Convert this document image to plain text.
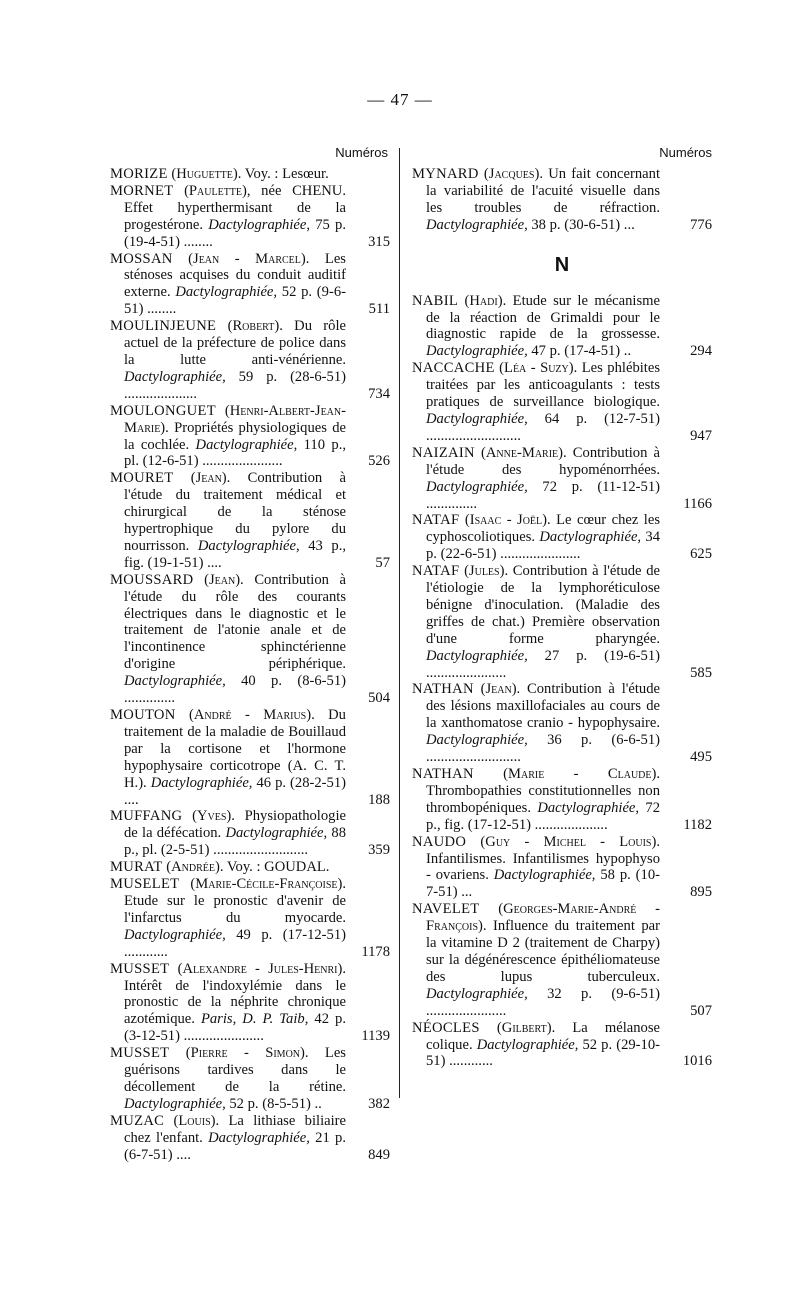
— 47 —
Numéros
MORIZE (Huguette). Voy. : Lesœur.
MORNET (Paulette), née CHENU. Effet hyperthermisant de la progestérone. Dactylographiée, 75 p. (19-4-51) ........	315
MOSSAN (Jean - Marcel). Les sténoses acquises du conduit auditif externe. Dactylographiée, 52 p. (9-6-51) ........	511
MOULINJEUNE (Robert). Du rôle actuel de la préfecture de police dans la lutte anti-vénérienne. Dactylographiée, 59 p. (28-6-51) ....................	734
MOULONGUET (Henri-Albert-Jean-Marie). Propriétés physiologiques de la cochlée. Dactylographiée, 110 p., pl. (12-6-51) ......................	526
MOURET (Jean). Contribution à l'étude du traitement médical et chirurgical de la sténose hypertrophique du pylore du nourrisson. Dactylographiée, 43 p., fig. (19-1-51) ....	57
MOUSSARD (Jean). Contribution à l'étude du rôle des courants électriques dans le diagnostic et le traitement de l'atonie anale et de l'incontinence sphinctérienne d'origine périphérique. Dactylographiée, 40 p. (8-6-51) ..............	504
MOUTON (André - Marius). Du traitement de la maladie de Bouillaud par la cortisone et l'hormone hypophysaire corticotrope (A. C. T. H.). Dactylographiée, 46 p. (28-2-51) ....	188
MUFFANG (Yves). Physiopathologie de la défécation. Dactylographiée, 88 p., pl. (2-5-51) ..........................	359
MURAT (Andrée). Voy. : GOUDAL.
MUSELET (Marie-Cécile-Françoise). Etude sur le pronostic d'avenir de l'infarctus du myocarde. Dactylographiée, 49 p. (17-12-51) ............	1178
MUSSET (Alexandre - Jules-Henri). Intérêt de l'indoxylémie dans le pronostic de la néphrite chronique azotémique. Paris, D. P. Taib, 42 p. (3-12-51) ......................	1139
MUSSET (Pierre - Simon). Les guérisons tardives dans le décollement de la rétine. Dactylographiée, 52 p. (8-5-51) ..	382
MUZAC (Louis). La lithiase biliaire chez l'enfant. Dactylographiée, 21 p. (6-7-51) ....	849
Numéros
MYNARD (Jacques). Un fait concernant la variabilité de l'acuité visuelle dans les troubles de réfraction. Dactylographiée, 38 p. (30-6-51) ...	776
N
NABIL (Hadi). Etude sur le mécanisme de la réaction de Grimaldi pour le diagnostic rapide de la grossesse. Dactylographiée, 47 p. (17-4-51) ..	294
NACCACHE (Léa - Suzy). Les phlébites traitées par les anticoagulants : tests pratiques de surveillance biologique. Dactylographiée, 64 p. (12-7-51) ..........................	947
NAIZAIN (Anne-Marie). Contribution à l'étude des hypoménorrhées. Dactylographiée, 72 p. (11-12-51) ..............	1166
NATAF (Isaac - Joël). Le cœur chez les cyphoscoliotiques. Dactylographiée, 34 p. (22-6-51) ......................	625
NATAF (Jules). Contribution à l'étude de l'étiologie de la lymphoréticulose bénigne d'inoculation. (Maladie des griffes de chat.) Première observation d'une forme pharyngée. Dactylographiée, 27 p. (19-6-51) ......................	585
NATHAN (Jean). Contribution à l'étude des lésions maxillofaciales au cours de la xanthomatose cranio - hypophysaire. Dactylographiée, 36 p. (6-6-51) ..........................	495
NATHAN (Marie - Claude). Thrombopathies constitutionnelles non thrombopéniques. Dactylographiée, 72 p., fig. (17-12-51) ....................	1182
NAUDO (Guy - Michel - Louis). Infantilismes. Infantilismes hypophyso - ovariens. Dactylographiée, 58 p. (10-7-51) ...	895
NAVELET (Georges-Marie-André - François). Influence du traitement par la vitamine D 2 (traitement de Charpy) sur la dégénérescence épithéliomateuse des lupus tuberculeux. Dactylographiée, 32 p. (9-6-51) ......................	507
NÉOCLES (Gilbert). La mélanose colique. Dactylographiée, 52 p. (29-10-51) ............	1016
